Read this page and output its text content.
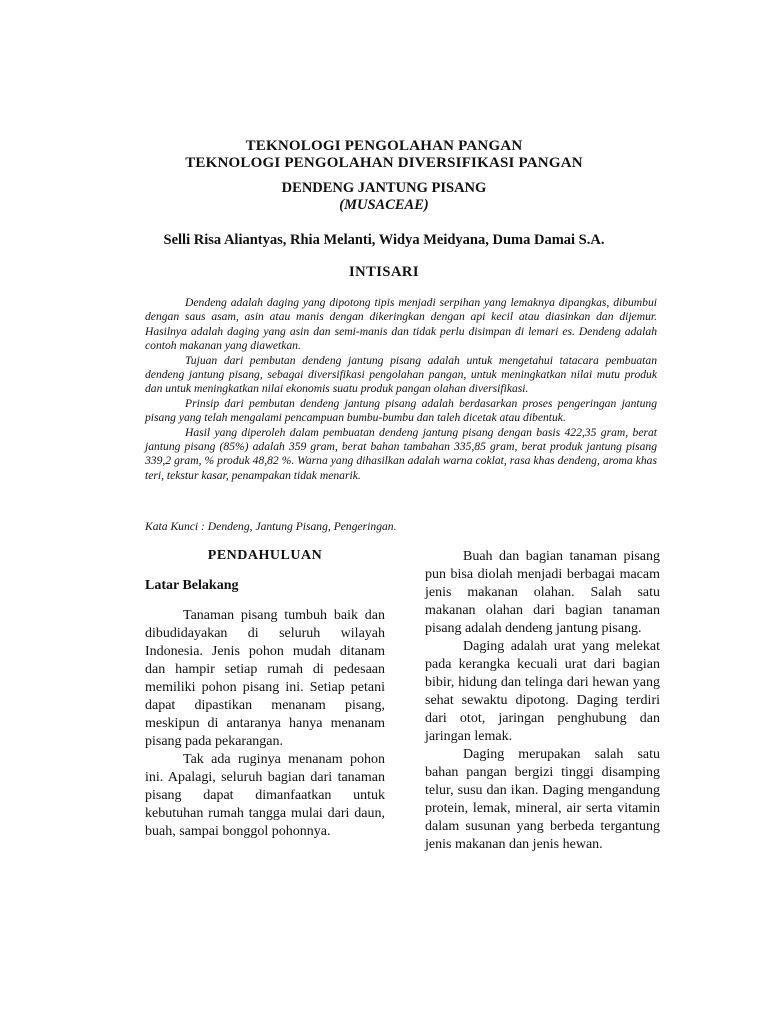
TEKNOLOGI PENGOLAHAN PANGAN
TEKNOLOGI PENGOLAHAN DIVERSIFIKASI PANGAN
DENDENG JANTUNG PISANG
(MUSACEAE)
Selli Risa Aliantyas, Rhia Melanti, Widya Meidyana, Duma Damai S.A.
INTISARI

Dendeng adalah daging yang dipotong tipis menjadi serpihan yang lemaknya dipangkas, dibumbui dengan saus asam, asin atau manis dengan dikeringkan dengan api kecil atau diasinkan dan dijemur. Hasilnya adalah daging yang asin dan semi-manis dan tidak perlu disimpan di lemari es. Dendeng adalah contoh makanan yang diawetkan.

Tujuan dari pembutan dendeng jantung pisang adalah untuk mengetahui tatacara pembuatan dendeng jantung pisang, sebagai diversifikasi pengolahan pangan, untuk meningkatkan nilai mutu produk dan untuk meningkatkan nilai ekonomis suatu produk pangan olahan diversifikasi.

Prinsip dari pembutan dendeng jantung pisang adalah berdasarkan proses pengeringan jantung pisang yang telah mengalami pencampuan bumbu-bumbu dan taleh dicetak atau dibentuk.

Hasil yang diperoleh dalam pembuatan dendeng jantung pisang dengan basis 422,35 gram, berat jantung pisang (85%) adalah 359 gram, berat bahan tambahan 335,85 gram, berat produk jantung pisang 339,2 gram, % produk 48,82 %. Warna yang dihasilkan adalah warna coklat, rasa khas dendeng, aroma khas teri, tekstur kasar, penampakan tidak menarik.

Kata Kunci : Dendeng, Jantung Pisang, Pengeringan.
PENDAHULUAN
Latar Belakang

Tanaman pisang tumbuh baik dan dibudidayakan di seluruh wilayah Indonesia. Jenis pohon mudah ditanam dan hampir setiap rumah di pedesaan memiliki pohon pisang ini. Setiap petani dapat dipastikan menanam pisang, meskipun di antaranya hanya menanam pisang pada pekarangan.

Tak ada ruginya menanam pohon ini. Apalagi, seluruh bagian dari tanaman pisang dapat dimanfaatkan untuk kebutuhan rumah tangga mulai dari daun, buah, sampai bonggol pohonnya.

Buah dan bagian tanaman pisang pun bisa diolah menjadi berbagai macam jenis makanan olahan. Salah satu makanan olahan dari bagian tanaman pisang adalah dendeng jantung pisang.

Daging adalah urat yang melekat pada kerangka kecuali urat dari bagian bibir, hidung dan telinga dari hewan yang sehat sewaktu dipotong. Daging terdiri dari otot, jaringan penghubung dan jaringan lemak.

Daging merupakan salah satu bahan pangan bergizi tinggi disamping telur, susu dan ikan. Daging mengandung protein, lemak, mineral, air serta vitamin dalam susunan yang berbeda tergantung jenis makanan dan jenis hewan.
